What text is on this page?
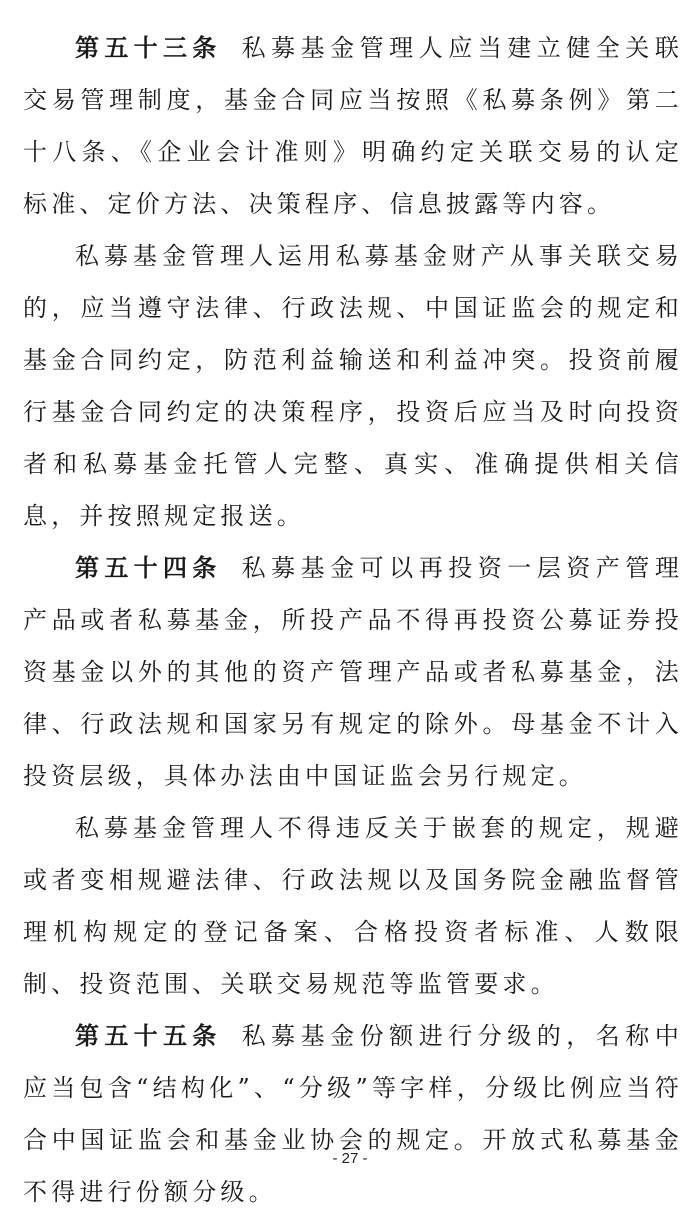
第五十三条 私募基金管理人应当建立健全关联交易管理制度，基金合同应当按照《私募条例》第二十八条、《企业会计准则》明确约定关联交易的认定标准、定价方法、决策程序、信息披露等内容。

私募基金管理人运用私募基金财产从事关联交易的，应当遵守法律、行政法规、中国证监会的规定和基金合同约定，防范利益输送和利益冲突。投资前履行基金合同约定的决策程序，投资后应当及时向投资者和私募基金托管人完整、真实、准确提供相关信息，并按照规定报送。

第五十四条 私募基金可以再投资一层资产管理产品或者私募基金，所投产品不得再投资公募证券投资基金以外的其他的资产管理产品或者私募基金，法律、行政法规和国家另有规定的除外。母基金不计入投资层级，具体办法由中国证监会另行规定。

私募基金管理人不得违反关于嵌套的规定，规避或者变相规避法律、行政法规以及国务院金融监督管理机构规定的登记备案、合格投资者标准、人数限制、投资范围、关联交易规范等监管要求。

第五十五条 私募基金份额进行分级的，名称中应当包含“结构化”、“分级”等字样，分级比例应当符合中国证监会和基金业协会的规定。开放式私募基金不得进行份额分级。

- 27 -
